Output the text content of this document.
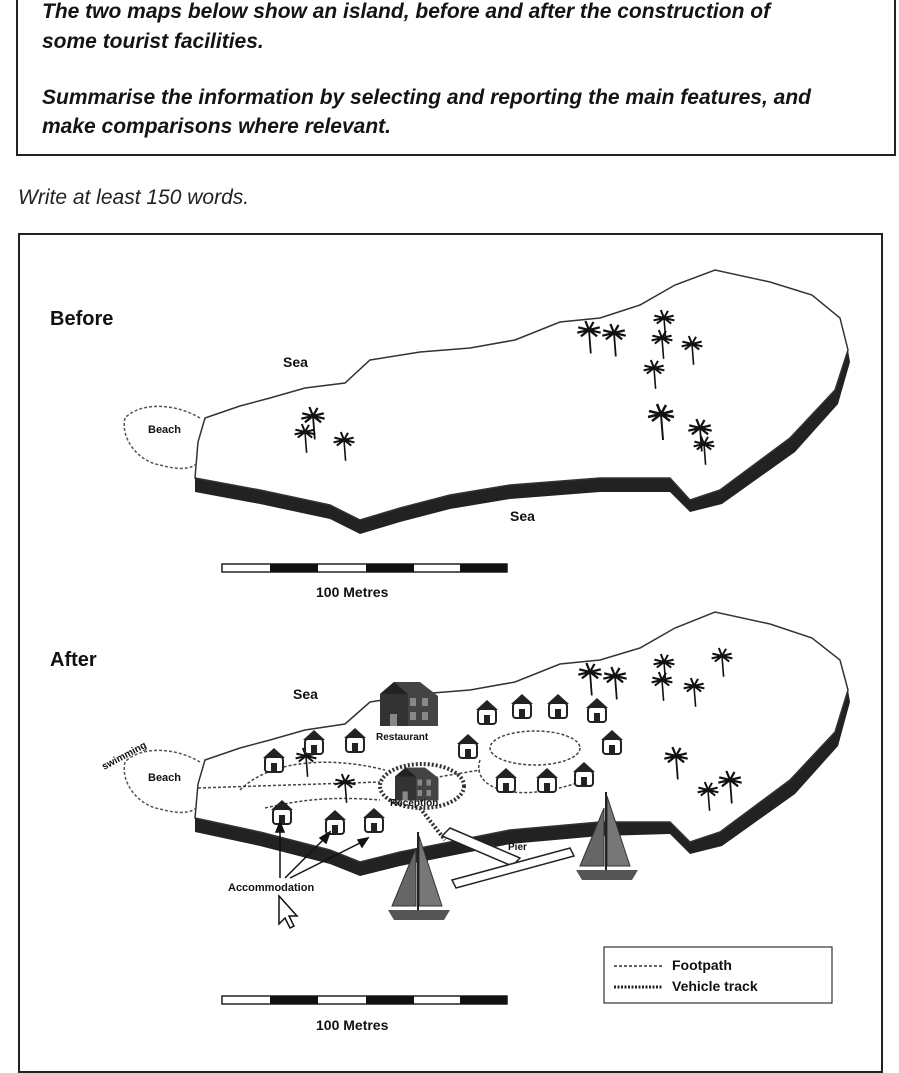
The two maps below show an island, before and after the construction of
some tourist facilities.
Summarise the information by selecting and reporting the main features, and
make comparisons where relevant.
Write at least 150 words.
Before
Sea
Sea
Beach
100 Metres
After
Sea
swimming
Beach
Restaurant
Reception
Pier
Accommodation
Footpath
Vehicle track
100 Metres
